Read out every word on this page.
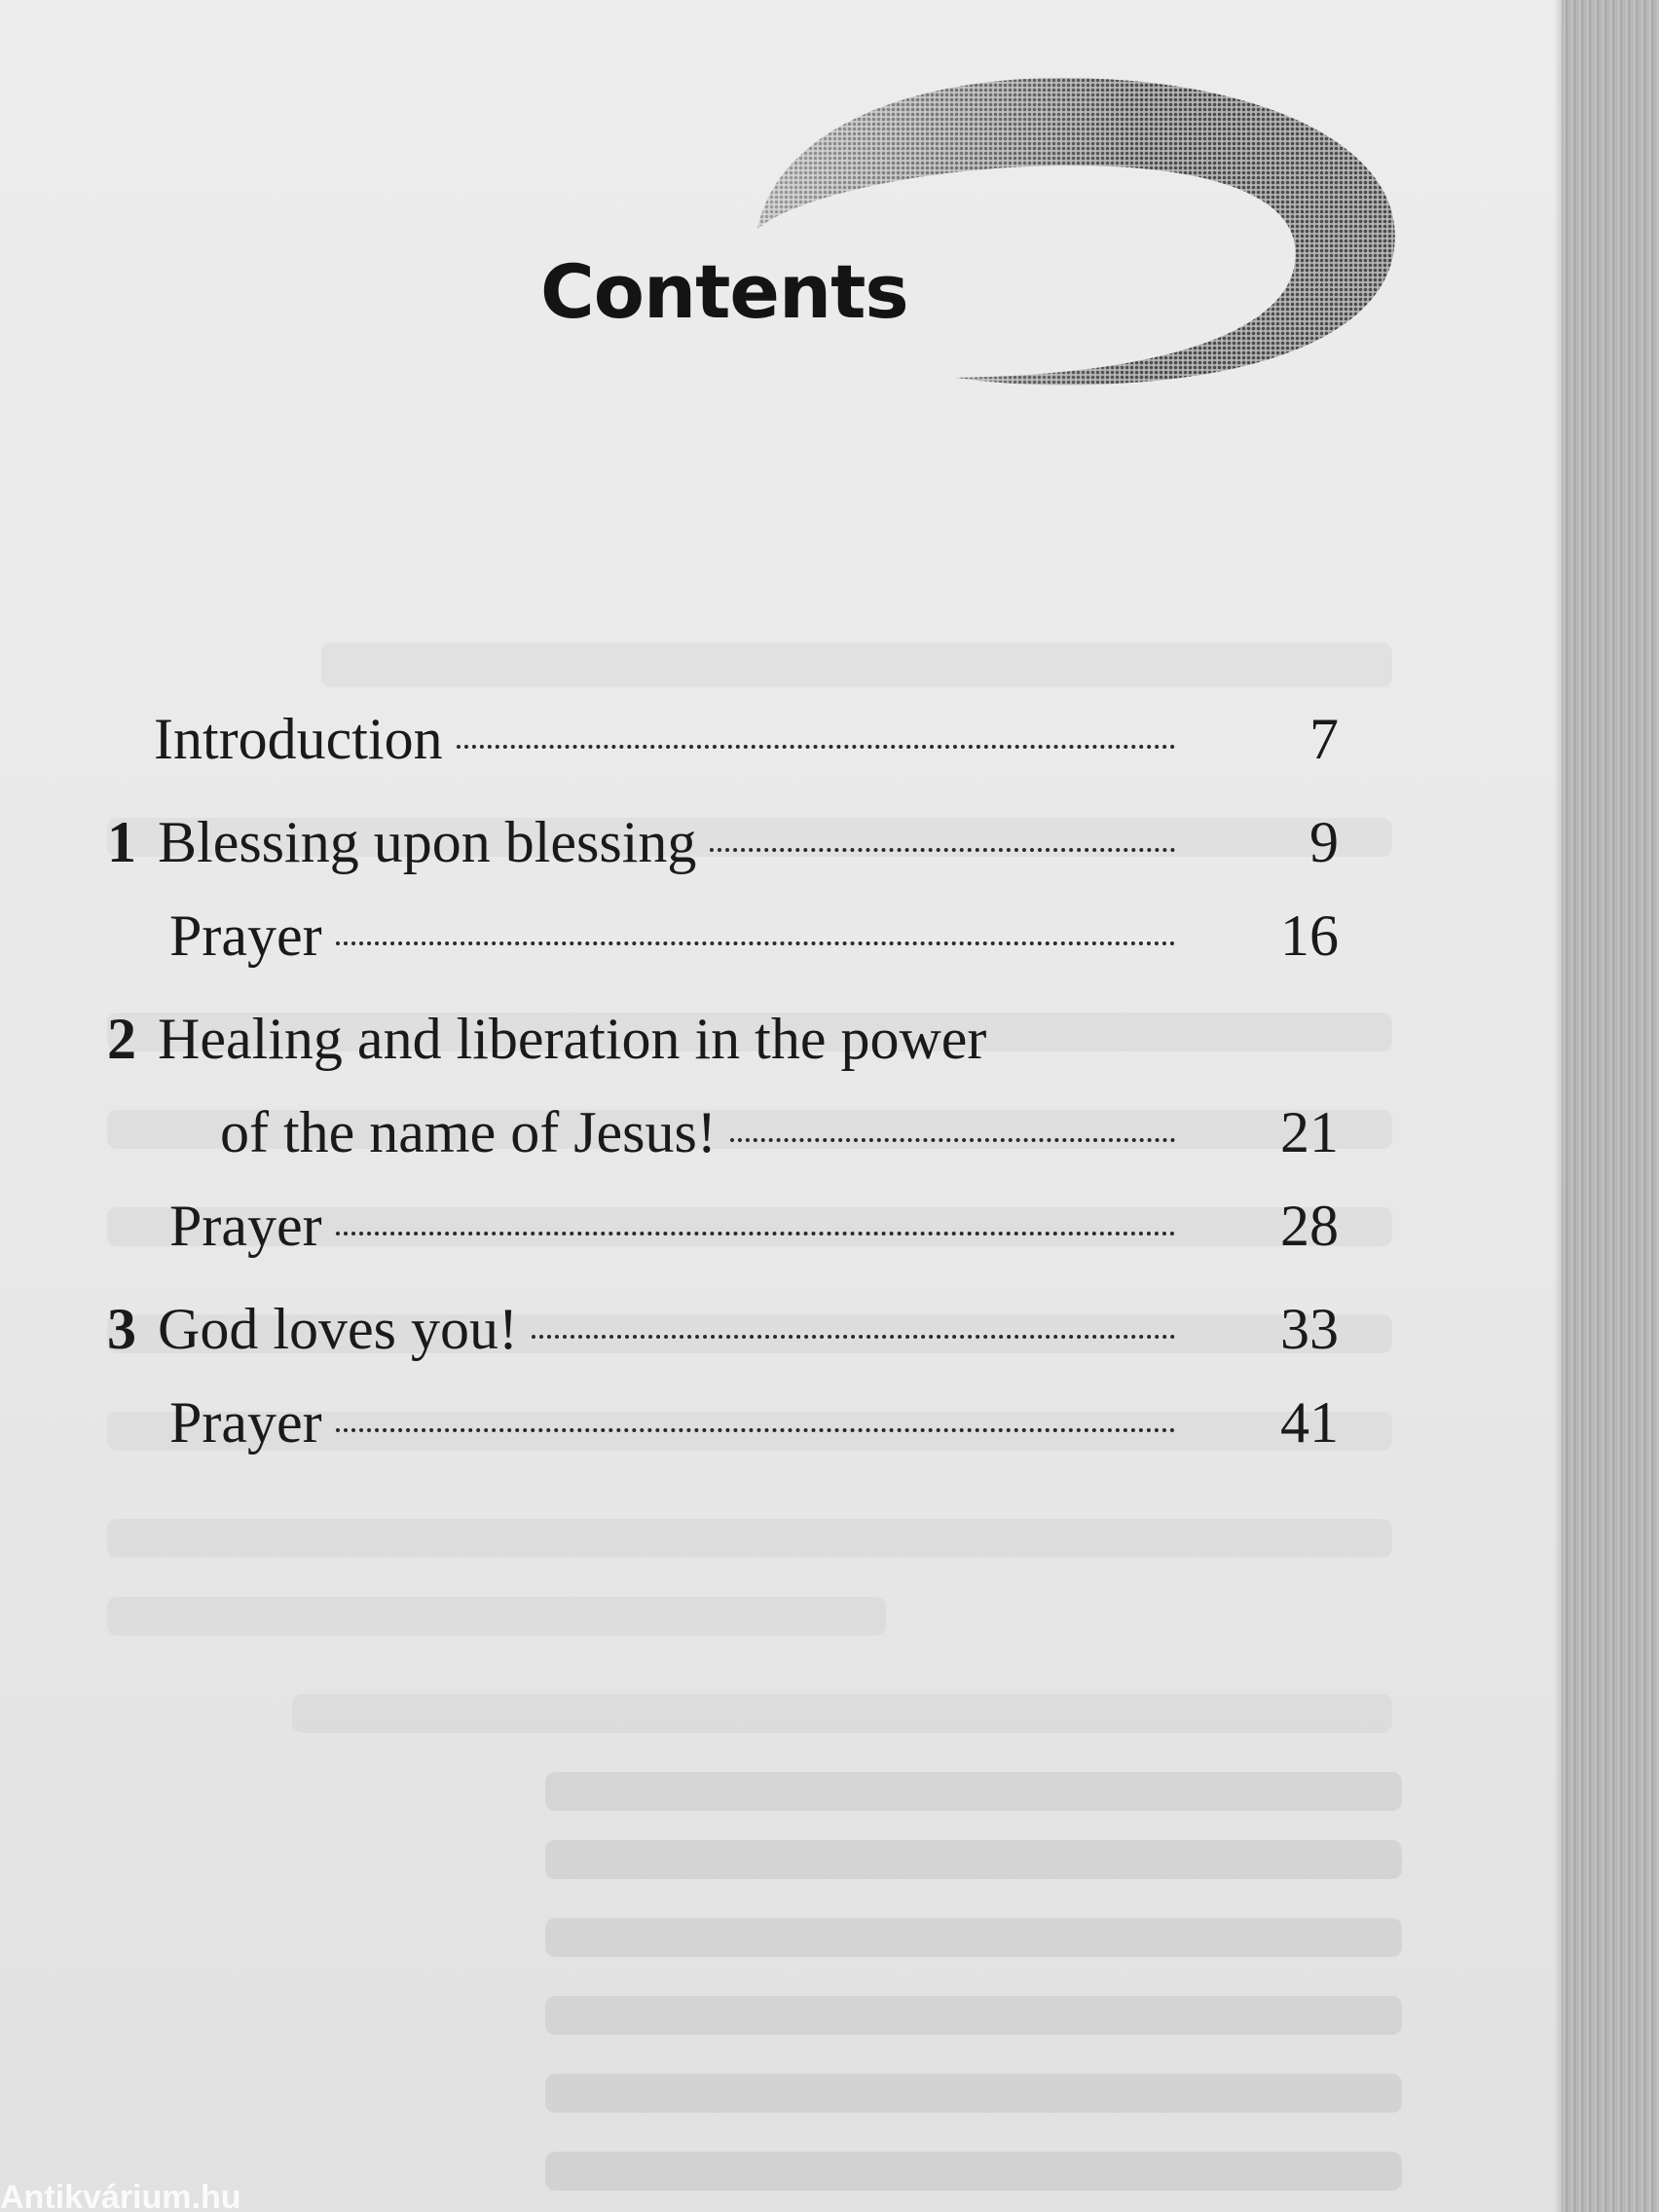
Contents
Introduction	7
1 Blessing upon blessing	9
Prayer	16
2 Healing and liberation in the power
of the name of Jesus!	21
Prayer	28
3 God loves you!	33
Prayer	41
Antikvárium.hu
